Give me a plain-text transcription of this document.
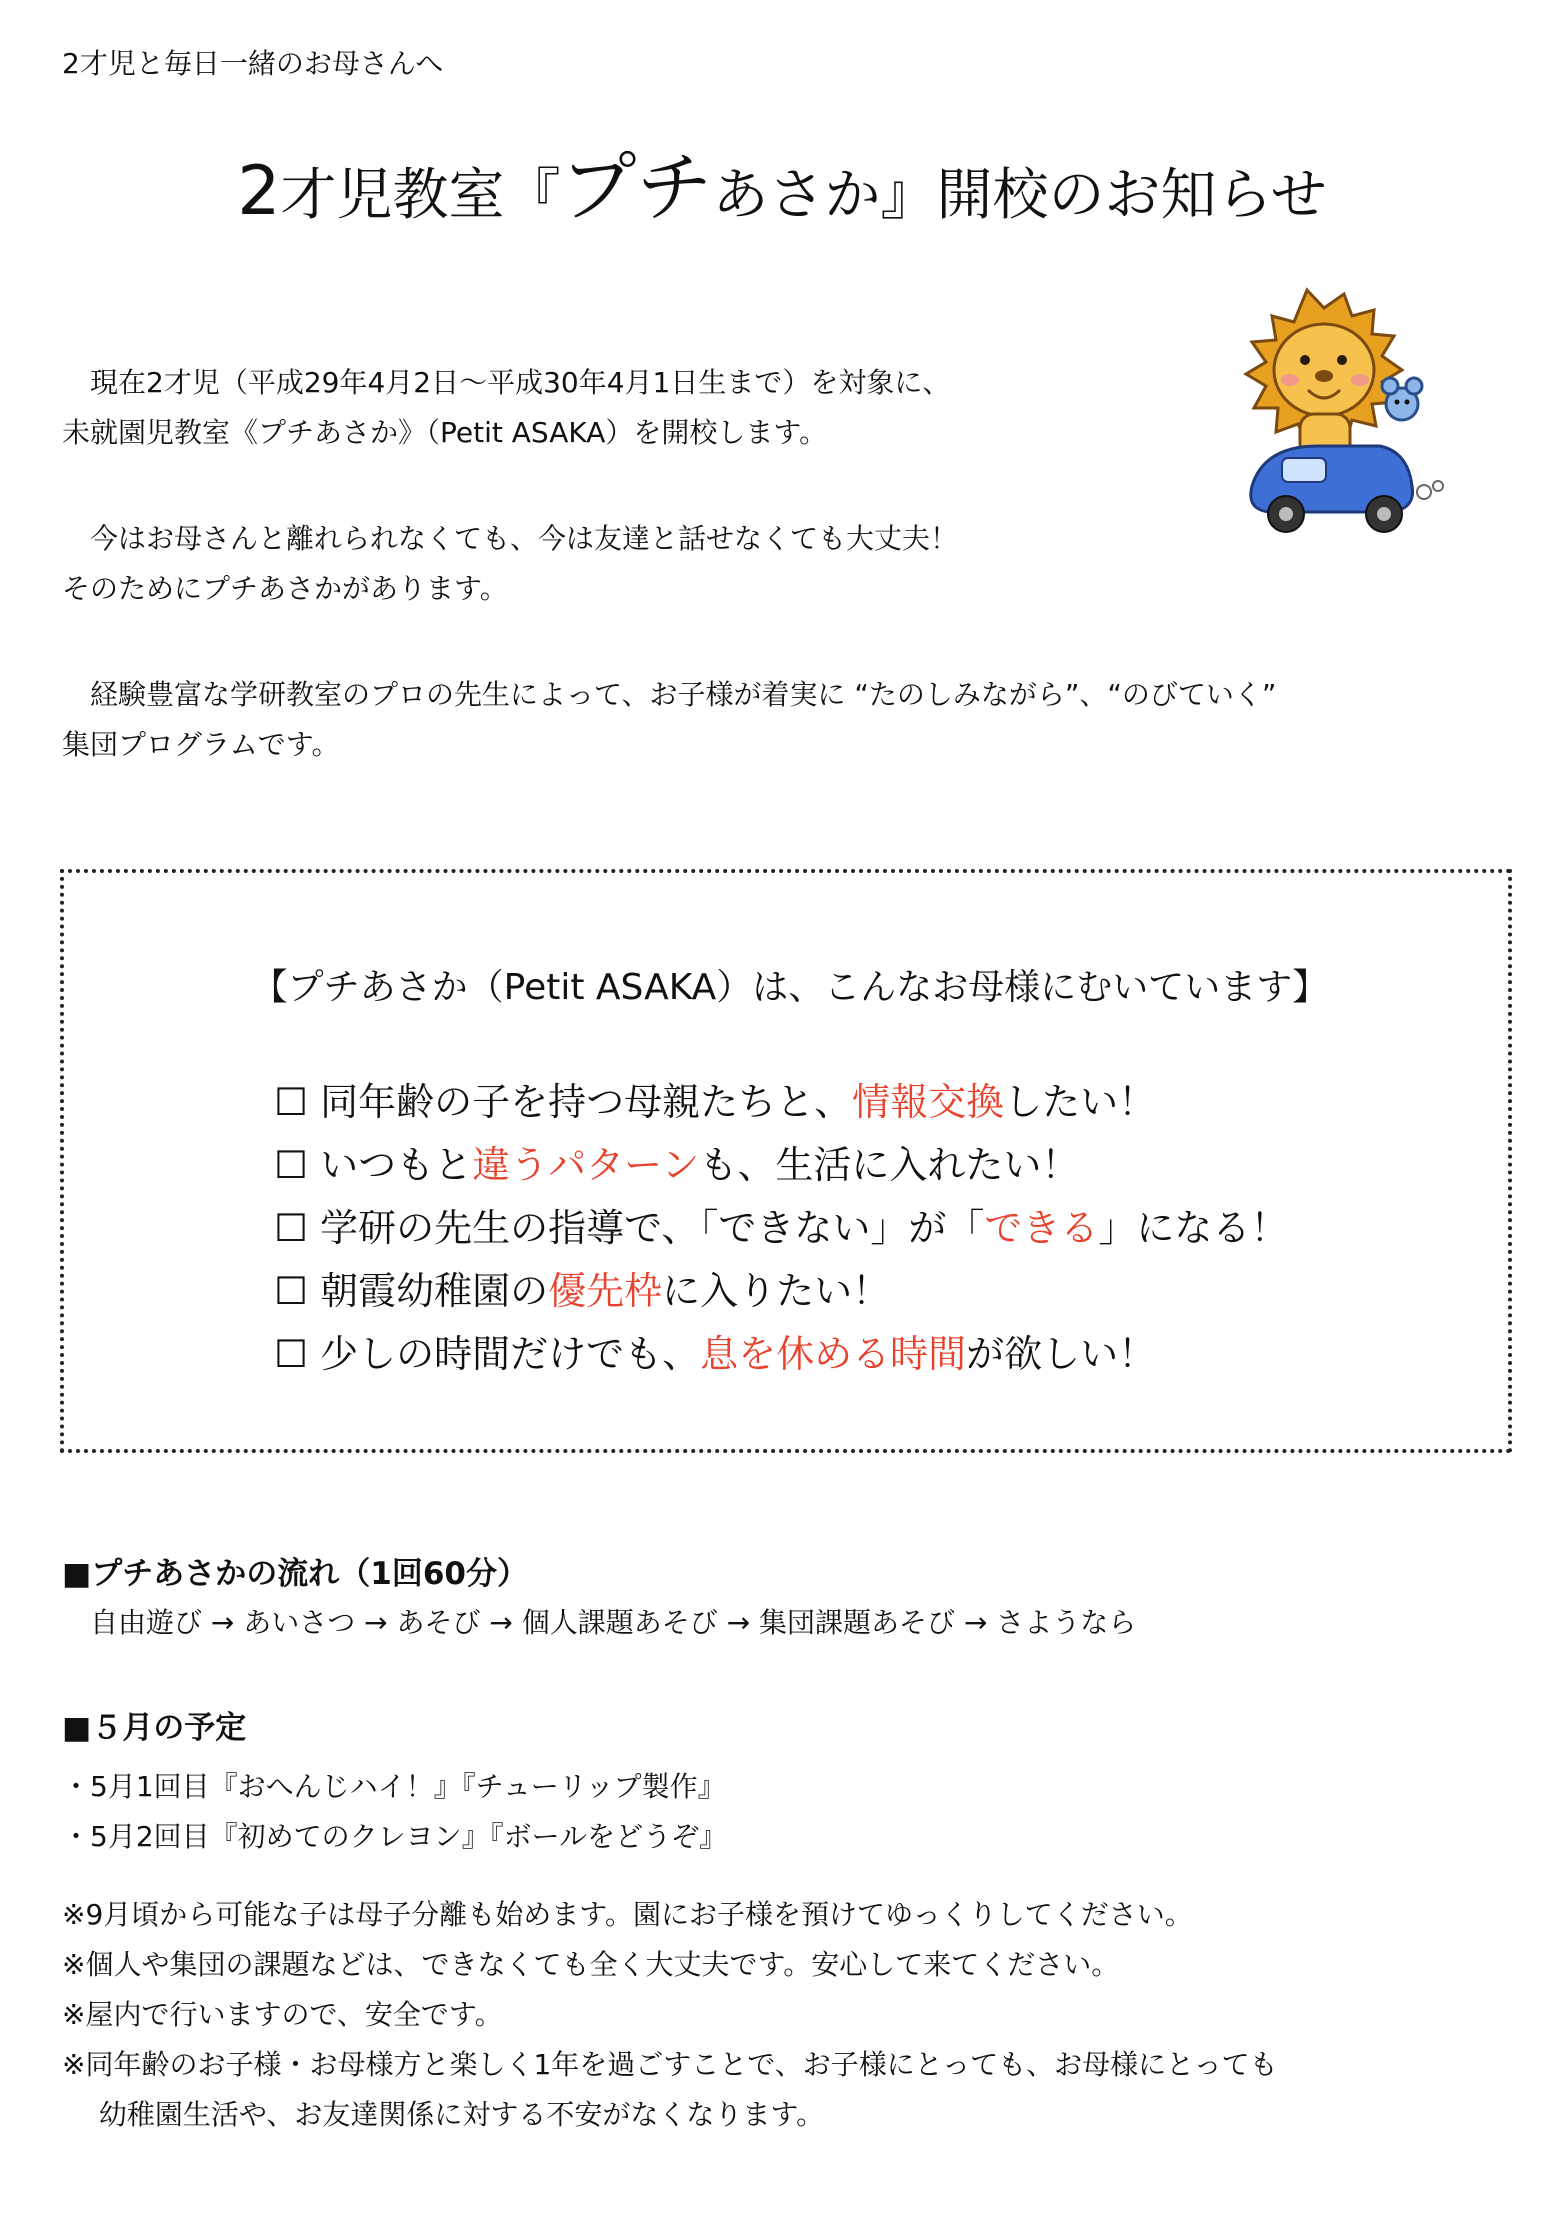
2才児と毎日一緒のお母さんへ
2才児教室『プチあさか』開校のお知らせ
　現在2才児（平成29年4月2日～平成30年4月1日生まで）を対象に、
未就園児教室《プチあさか》（Petit ASAKA）を開校します。
　今はお母さんと離れられなくても、今は友達と話せなくても大丈夫！
そのためにプチあさかがあります。
　経験豊富な学研教室のプロの先生によって、お子様が着実に “たのしみながら”、“のびていく”
集団プログラムです。
【プチあさか（Petit ASAKA）は、こんなお母様にむいています】
☐ 同年齢の子を持つ母親たちと、情報交換したい！
☐ いつもと違うパターンも、生活に入れたい！
☐ 学研の先生の指導で、「できない」が「できる」になる！
☐ 朝霞幼稚園の優先枠に入りたい！
☐ 少しの時間だけでも、息を休める時間が欲しい！
■プチあさかの流れ（1回60分）
　自由遊び → あいさつ → あそび → 個人課題あそび → 集団課題あそび → さようなら
■５月の予定
・5月1回目『おへんじハイ！』『チューリップ製作』
・5月2回目『初めてのクレヨン』『ボールをどうぞ』
※9月頃から可能な子は母子分離も始めます。園にお子様を預けてゆっくりしてください。
※個人や集団の課題などは、できなくても全く大丈夫です。安心して来てください。
※屋内で行いますので、安全です。
※同年齢のお子様・お母様方と楽しく1年を過ごすことで、お子様にとっても、お母様にとっても
　 幼稚園生活や、お友達関係に対する不安がなくなります。
